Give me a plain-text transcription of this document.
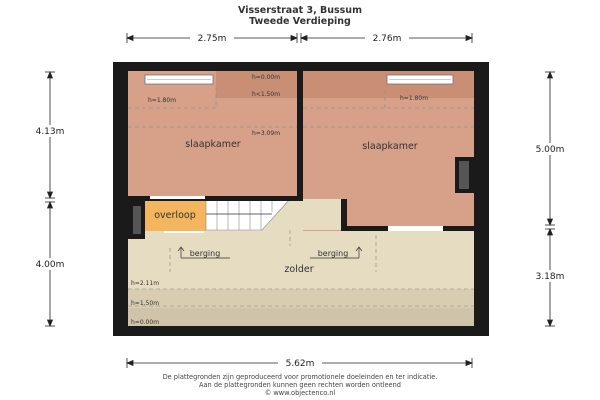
Visserstraat 3, Bussum
Tweede Verdieping
2.75m	2.76m
5.62m
4.13m
4.00m
5.00m
3.18m
slaapkamer	slaapkamer
overloop
zolder
berging	berging
h=0.00m
h<1.50m
h=1.80m	h=1.80m
h=3.09m
h=2.11m
h=1.50m
h=0.00m
De plattegronden zijn geproduceerd voor promotionele doeleinden en ter indicatie.
Aan de plattegronden kunnen geen rechten worden ontleend
© www.objectenco.nl
